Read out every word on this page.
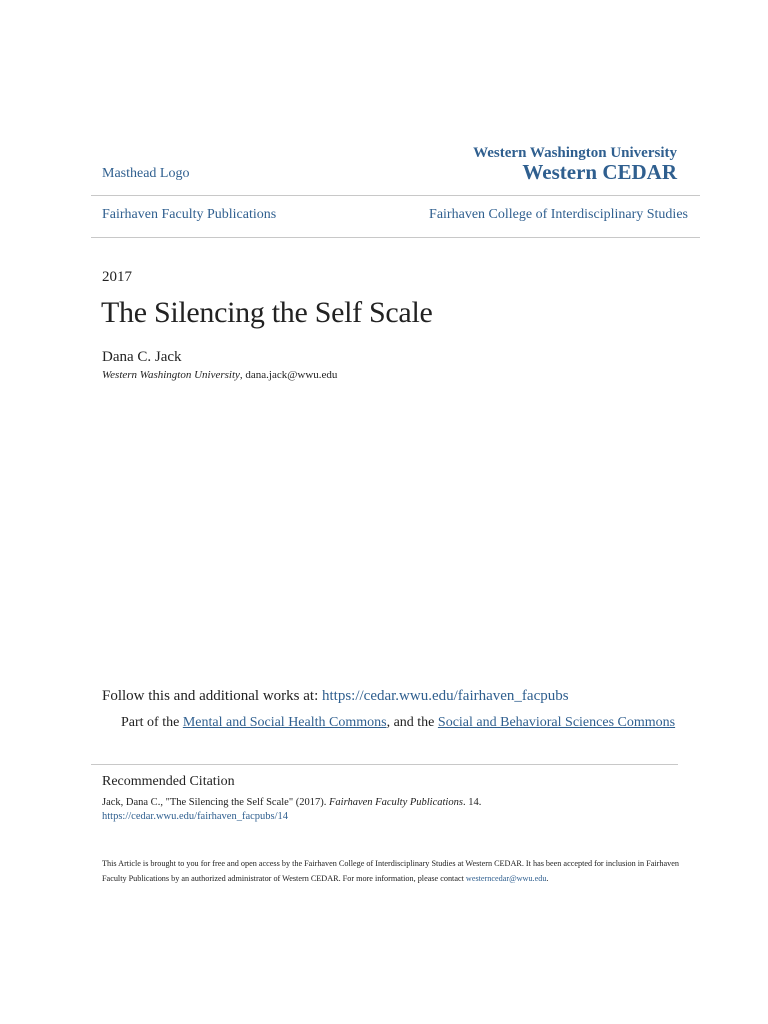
Western Washington University
Western CEDAR
Masthead Logo
Fairhaven Faculty Publications	Fairhaven College of Interdisciplinary Studies
2017
The Silencing the Self Scale
Dana C. Jack
Western Washington University, dana.jack@wwu.edu
Follow this and additional works at: https://cedar.wwu.edu/fairhaven_facpubs
Part of the Mental and Social Health Commons, and the Social and Behavioral Sciences Commons
Recommended Citation
Jack, Dana C., "The Silencing the Self Scale" (2017). Fairhaven Faculty Publications. 14.
https://cedar.wwu.edu/fairhaven_facpubs/14
This Article is brought to you for free and open access by the Fairhaven College of Interdisciplinary Studies at Western CEDAR. It has been accepted for inclusion in Fairhaven Faculty Publications by an authorized administrator of Western CEDAR. For more information, please contact westerncedar@wwu.edu.
